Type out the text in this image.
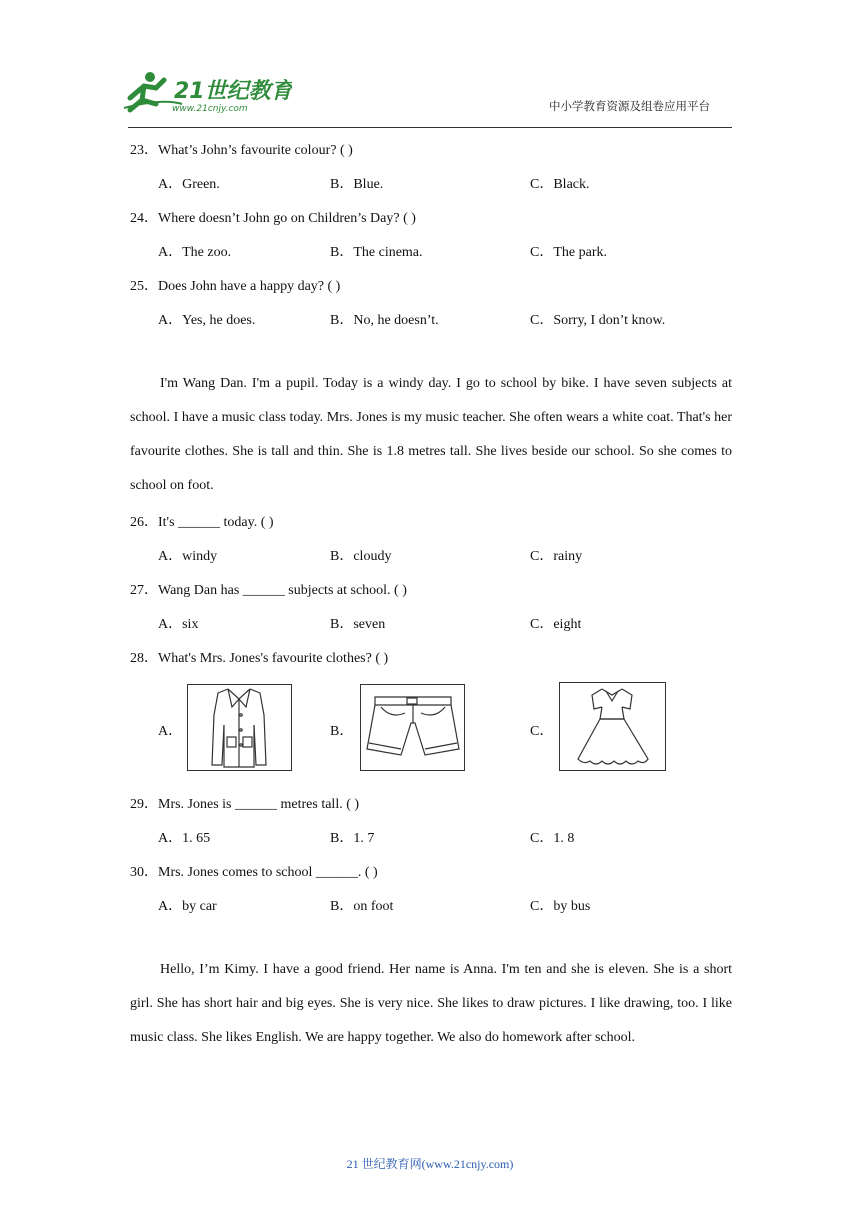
21世纪教育
www.21cnjy.com	中小学教育资源及组卷应用平台
23．What’s John’s favourite colour? ( )
A．Green.	B．Blue.	C．Black.
24．Where doesn’t John go on Children’s Day? ( )
A．The zoo.	B．The cinema.	C．The park.
25．Does John have a happy day? ( )
A．Yes, he does.	B．No, he doesn’t.	C．Sorry, I don’t know.
I'm Wang Dan. I'm a pupil. Today is a windy day. I go to school by bike. I have seven subjects at school. I have a music class today. Mrs. Jones is my music teacher. She often wears a white coat. That's her favourite clothes. She is tall and thin. She is 1.8 metres tall. She lives beside our school. So she comes to school on foot.
26．It's ______ today. ( )
A．windy	B．cloudy	C．rainy
27．Wang Dan has ______ subjects at school. ( )
A．six	B．seven	C．eight
28．What's Mrs. Jones's favourite clothes? ( )
A．	B．	C．
29．Mrs. Jones is ______ metres tall. ( )
A．1. 65	B．1. 7	C．1. 8
30．Mrs. Jones comes to school ______. ( )
A．by car	B．on foot	C．by bus
Hello, I’m Kimy. I have a good friend. Her name is Anna. I'm ten and she is eleven. She is a short girl. She has short hair and big eyes. She is very nice. She likes to draw pictures. I like drawing, too. I like music class. She likes English. We are happy together. We also do homework after school.
21 世纪教育网(www.21cnjy.com)
